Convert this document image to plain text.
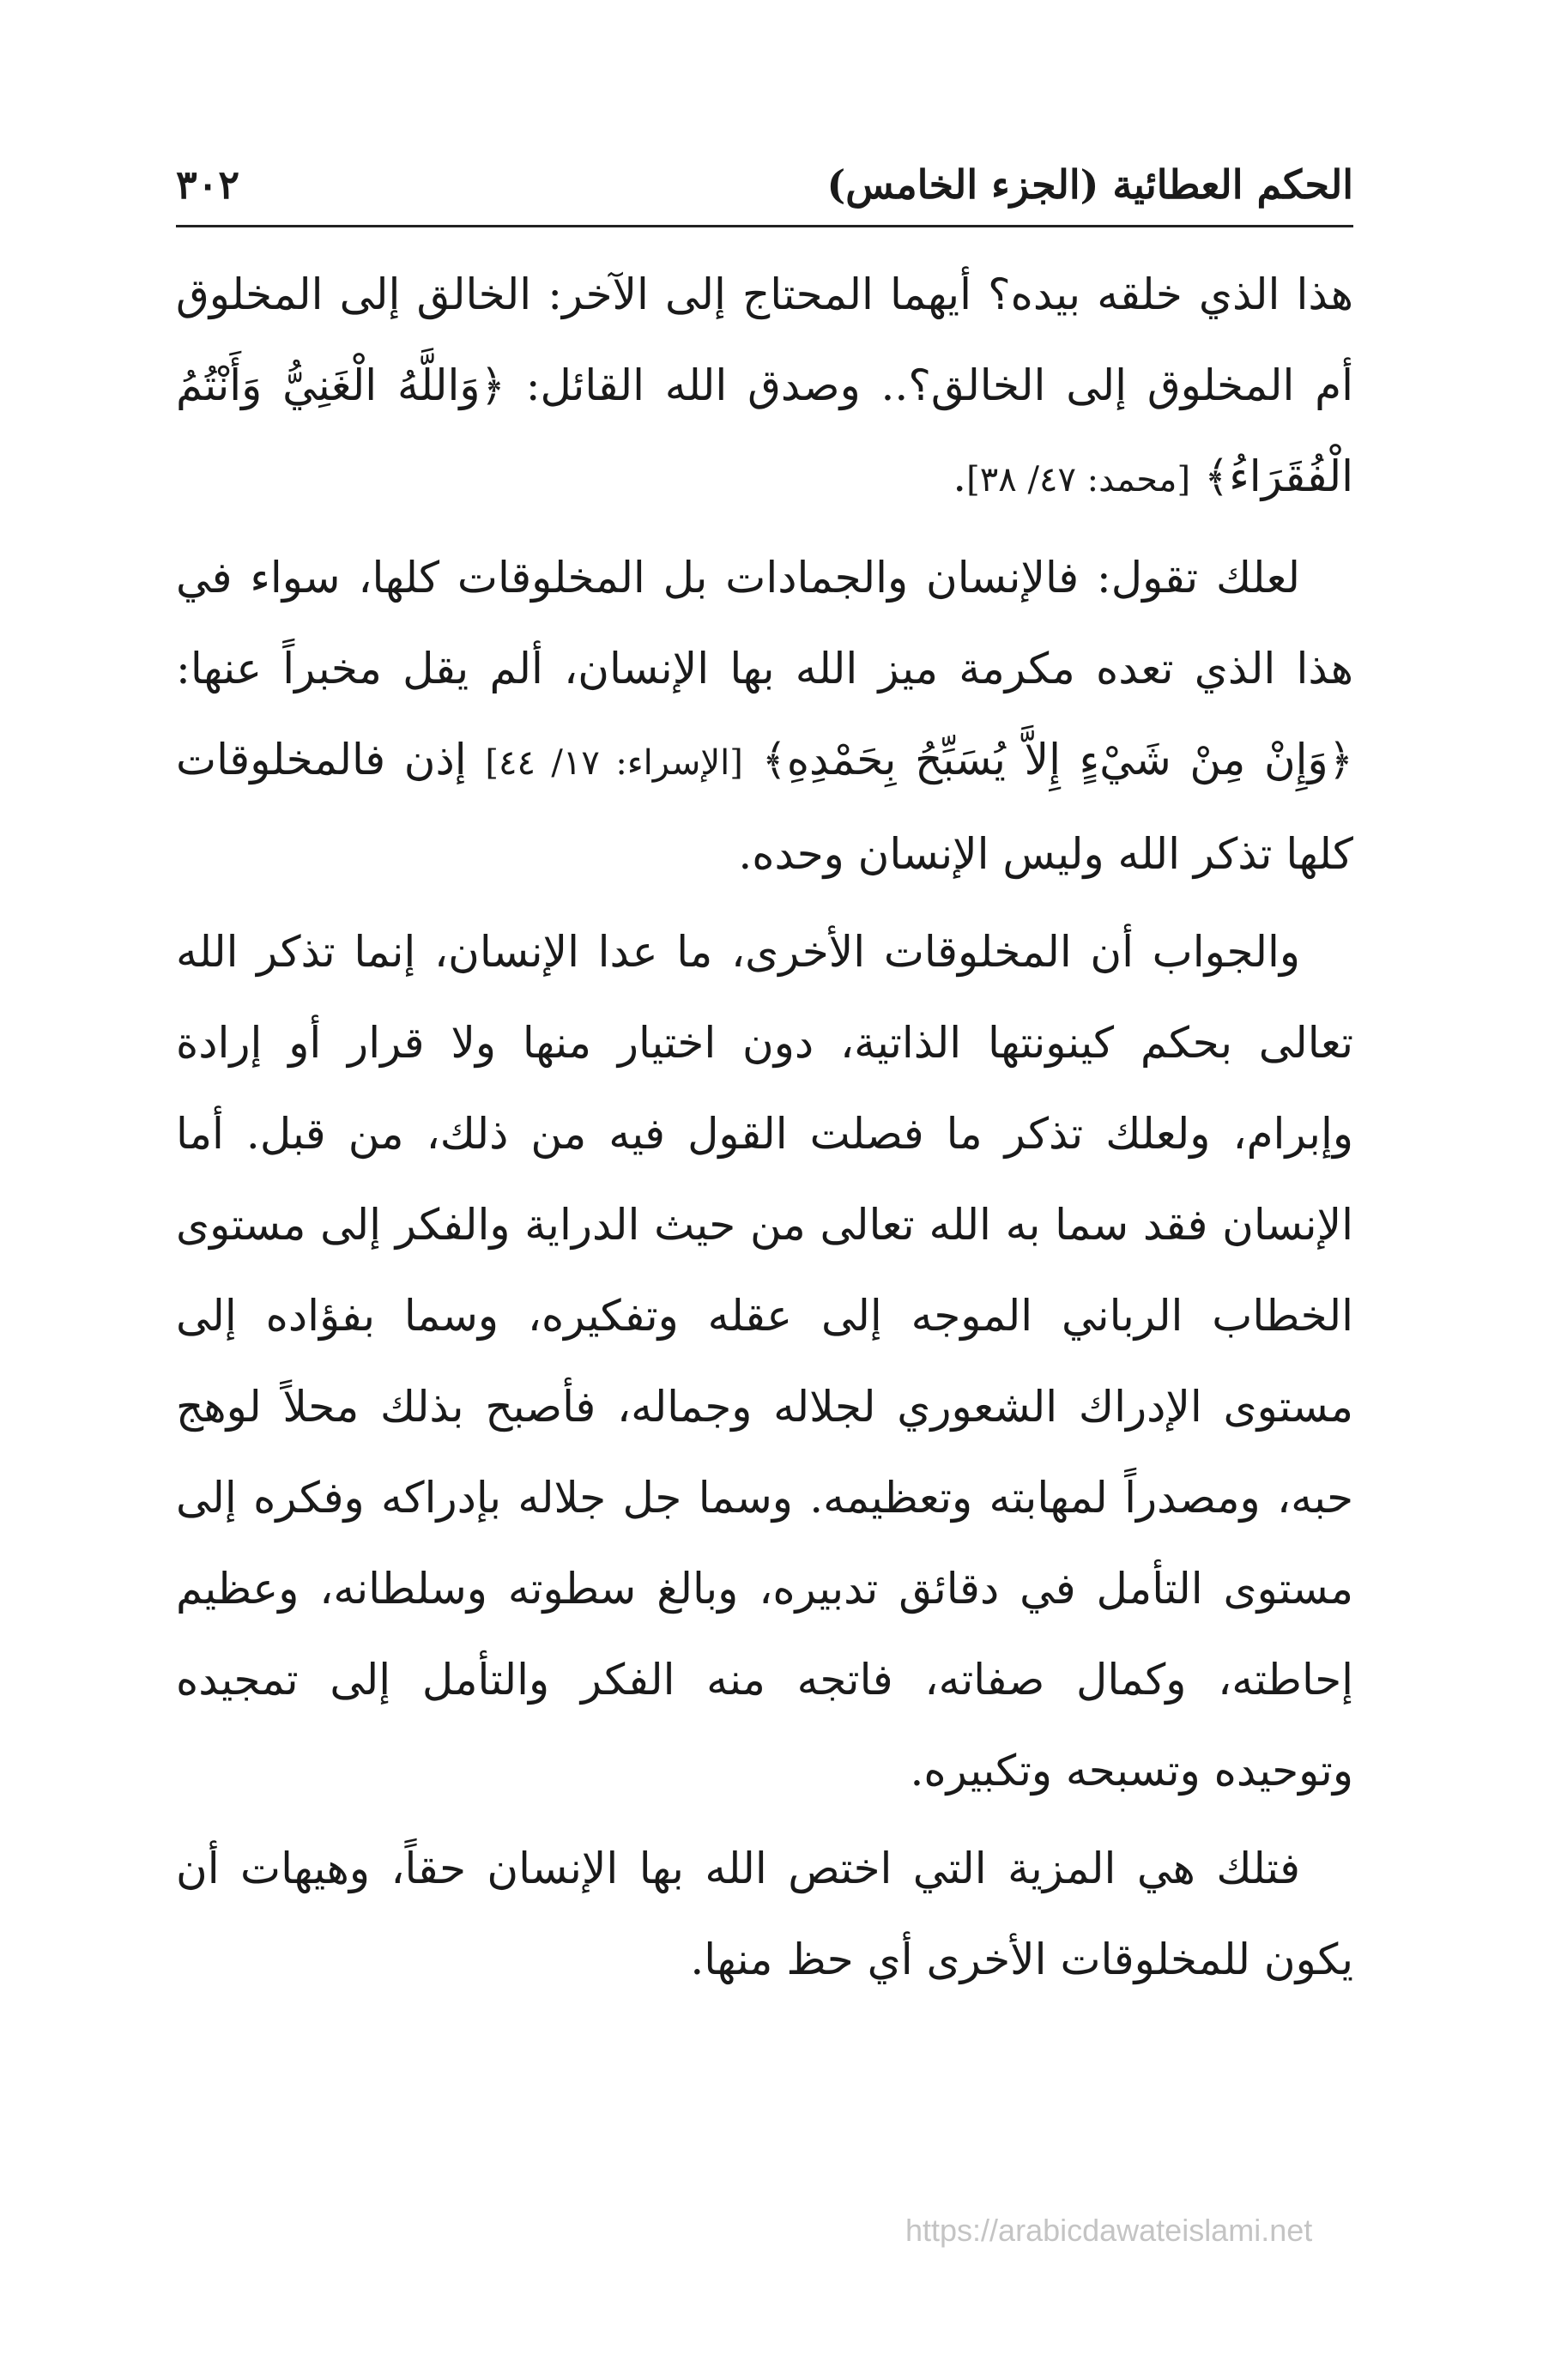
الحكم العطائية (الجزء الخامس)
٣٠٢

هذا الذي خلقه بيده؟ أيهما المحتاج إلى الآخر: الخالق إلى المخلوق أم المخلوق إلى الخالق؟.. وصدق الله القائل: ﴿وَاللَّهُ الْغَنِيُّ وَأَنْتُمُ الْفُقَرَاءُ﴾ [محمد: ٤٧/ ٣٨].

لعلك تقول: فالإنسان والجمادات بل المخلوقات كلها، سواء في هذا الذي تعده مكرمة ميز الله بها الإنسان، ألم يقل مخبراً عنها: ﴿وَإِنْ مِنْ شَيْءٍ إِلاَّ يُسَبِّحُ بِحَمْدِهِ﴾ [الإسراء: ١٧/ ٤٤] إذن فالمخلوقات كلها تذكر الله وليس الإنسان وحده.

والجواب أن المخلوقات الأخرى، ما عدا الإنسان، إنما تذكر الله تعالى بحكم كينونتها الذاتية، دون اختيار منها ولا قرار أو إرادة وإبرام، ولعلك تذكر ما فصلت القول فيه من ذلك، من قبل. أما الإنسان فقد سما به الله تعالى من حيث الدراية والفكر إلى مستوى الخطاب الرباني الموجه إلى عقله وتفكيره، وسما بفؤاده إلى مستوى الإدراك الشعوري لجلاله وجماله، فأصبح بذلك محلاً لوهج حبه، ومصدراً لمهابته وتعظيمه. وسما جل جلاله بإدراكه وفكره إلى مستوى التأمل في دقائق تدبيره، وبالغ سطوته وسلطانه، وعظيم إحاطته، وكمال صفاته، فاتجه منه الفكر والتأمل إلى تمجيده وتوحيده وتسبحه وتكبيره.

فتلك هي المزية التي اختص الله بها الإنسان حقاً، وهيهات أن يكون للمخلوقات الأخرى أي حظ منها.

https://arabicdawateislami.net
